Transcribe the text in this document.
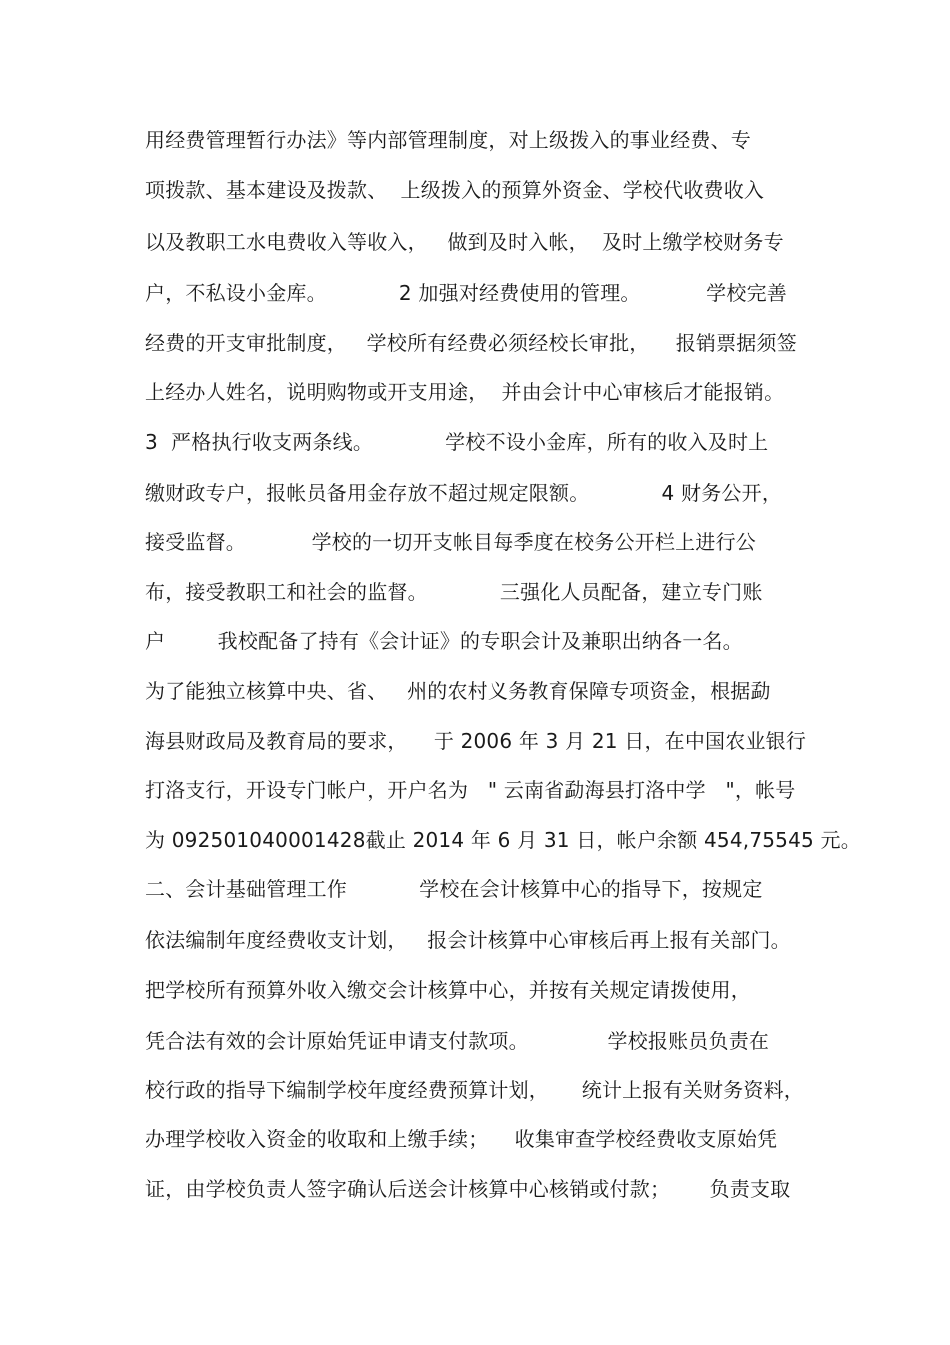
用经费管理暂行办法》等内部管理制度，对上级拨入的事业经费、专
项拨款、基本建设及拨款、  上级拨入的预算外资金、学校代收费收入
以及教职工水电费收入等收入，   做到及时入帐，  及时上缴学校财务专
户，不私设小金库。           2 加强对经费使用的管理。          学校完善
经费的开支审批制度，   学校所有经费必须经校长审批，    报销票据须签
上经办人姓名，说明购物或开支用途，  并由会计中心审核后才能报销。
3  严格执行收支两条线。           学校不设小金库，所有的收入及时上
缴财政专户，报帐员备用金存放不超过规定限额。           4 财务公开，
接受监督。          学校的一切开支帐目每季度在校务公开栏上进行公
布，接受教职工和社会的监督。           三强化人员配备，建立专门账
户        我校配备了持有《会计证》的专职会计及兼职出纳各一名。
为了能独立核算中央、省、   州的农村义务教育保障专项资金，根据勐
海县财政局及教育局的要求，    于 2006 年 3 月 21 日，在中国农业银行
打洛支行，开设专门帐户，开户名为   " 云南省勐海县打洛中学   "，帐号
为 092501040001428截止 2014 年 6 月 31 日，帐户余额 454,75545 元。
二、会计基础管理工作           学校在会计核算中心的指导下，按规定
依法编制年度经费收支计划，   报会计核算中心审核后再上报有关部门。
把学校所有预算外收入缴交会计核算中心，并按有关规定请拨使用，
凭合法有效的会计原始凭证申请支付款项。            学校报账员负责在
校行政的指导下编制学校年度经费预算计划，     统计上报有关财务资料，
办理学校收入资金的收取和上缴手续；    收集审查学校经费收支原始凭
证，由学校负责人签字确认后送会计核算中心核销或付款；      负责支取
